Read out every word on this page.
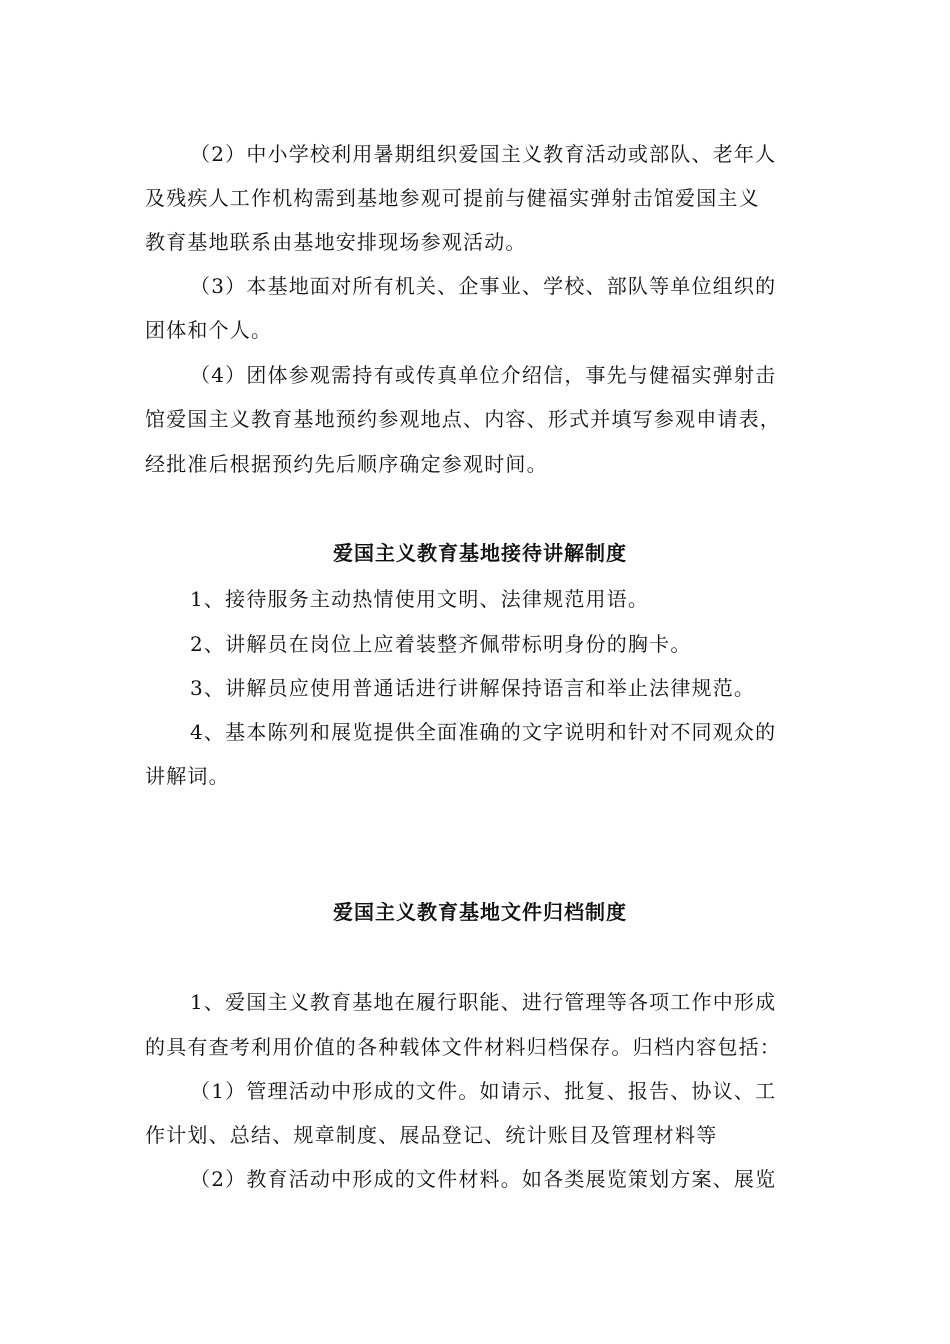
（2）中小学校利用暑期组织爱国主义教育活动或部队、老年人
及残疾人工作机构需到基地参观可提前与健福实弹射击馆爱国主义
教育基地联系由基地安排现场参观活动。
（3）本基地面对所有机关、企事业、学校、部队等单位组织的
团体和个人。
（4）团体参观需持有或传真单位介绍信，事先与健福实弹射击
馆爱国主义教育基地预约参观地点、内容、形式并填写参观申请表，
经批准后根据预约先后顺序确定参观时间。
爱国主义教育基地接待讲解制度
1、接待服务主动热情使用文明、法律规范用语。
2、讲解员在岗位上应着装整齐佩带标明身份的胸卡。
3、讲解员应使用普通话进行讲解保持语言和举止法律规范。
4、基本陈列和展览提供全面准确的文字说明和针对不同观众的
讲解词。
爱国主义教育基地文件归档制度
1、爱国主义教育基地在履行职能、进行管理等各项工作中形成
的具有查考利用价值的各种载体文件材料归档保存。归档内容包括：
（1）管理活动中形成的文件。如请示、批复、报告、协议、工
作计划、总结、规章制度、展品登记、统计账目及管理材料等
（2）教育活动中形成的文件材料。如各类展览策划方案、展览
